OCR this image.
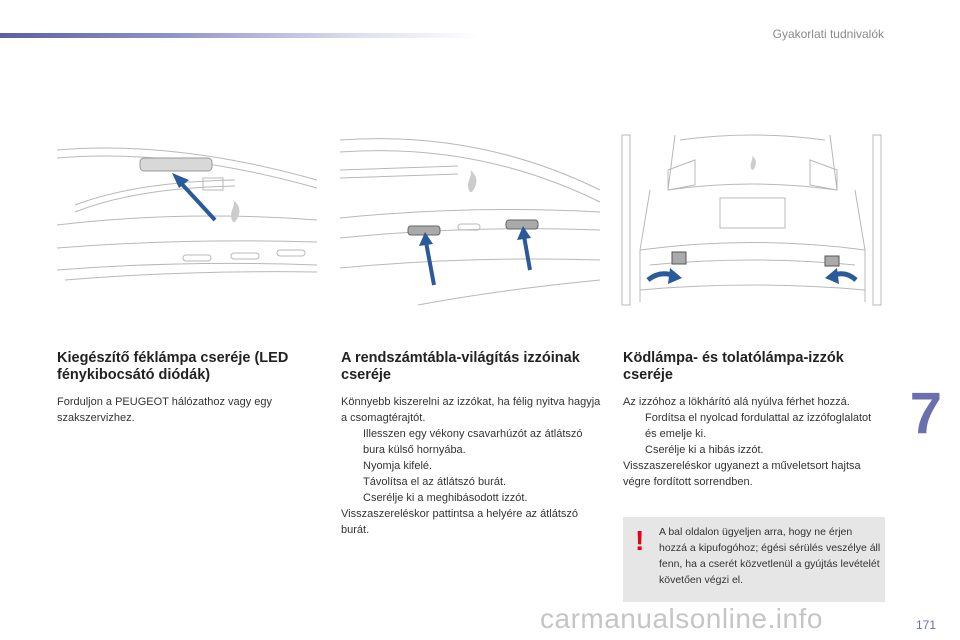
Gyakorlati tudnivalók
Kiegészítő féklámpa cseréje (LED fénykibocsátó diódák)

Forduljon a PEUGEOT hálózathoz vagy egy szakszervizhez.

A rendszámtábla-világítás izzóinak cseréje

Könnyebb kiszerelni az izzókat, ha félig nyitva hagyja a csomagtérajtót.

Illesszen egy vékony csavarhúzót az átlátszó bura külső hornyába.
Nyomja kifelé.
Távolítsa el az átlátszó burát.
Cserélje ki a meghibásodott izzót.

Visszaszereléskor pattintsa a helyére az átlátszó burát.

Ködlámpa- és tolatólámpa-izzók cseréje

Az izzóhoz a lökhárító alá nyúlva férhet hozzá.

Fordítsa el nyolcad fordulattal az izzófoglalatot és emelje ki.
Cserélje ki a hibás izzót.

Visszaszereléskor ugyanezt a műveletsort hajtsa végre fordított sorrendben.

! A bal oldalon ügyeljen arra, hogy ne érjen hozzá a kipufogóhoz; égési sérülés veszélye áll fenn, ha a cserét közvetlenül a gyújtás levételét követően végzi el.
7
carmanualsonline.info	171
